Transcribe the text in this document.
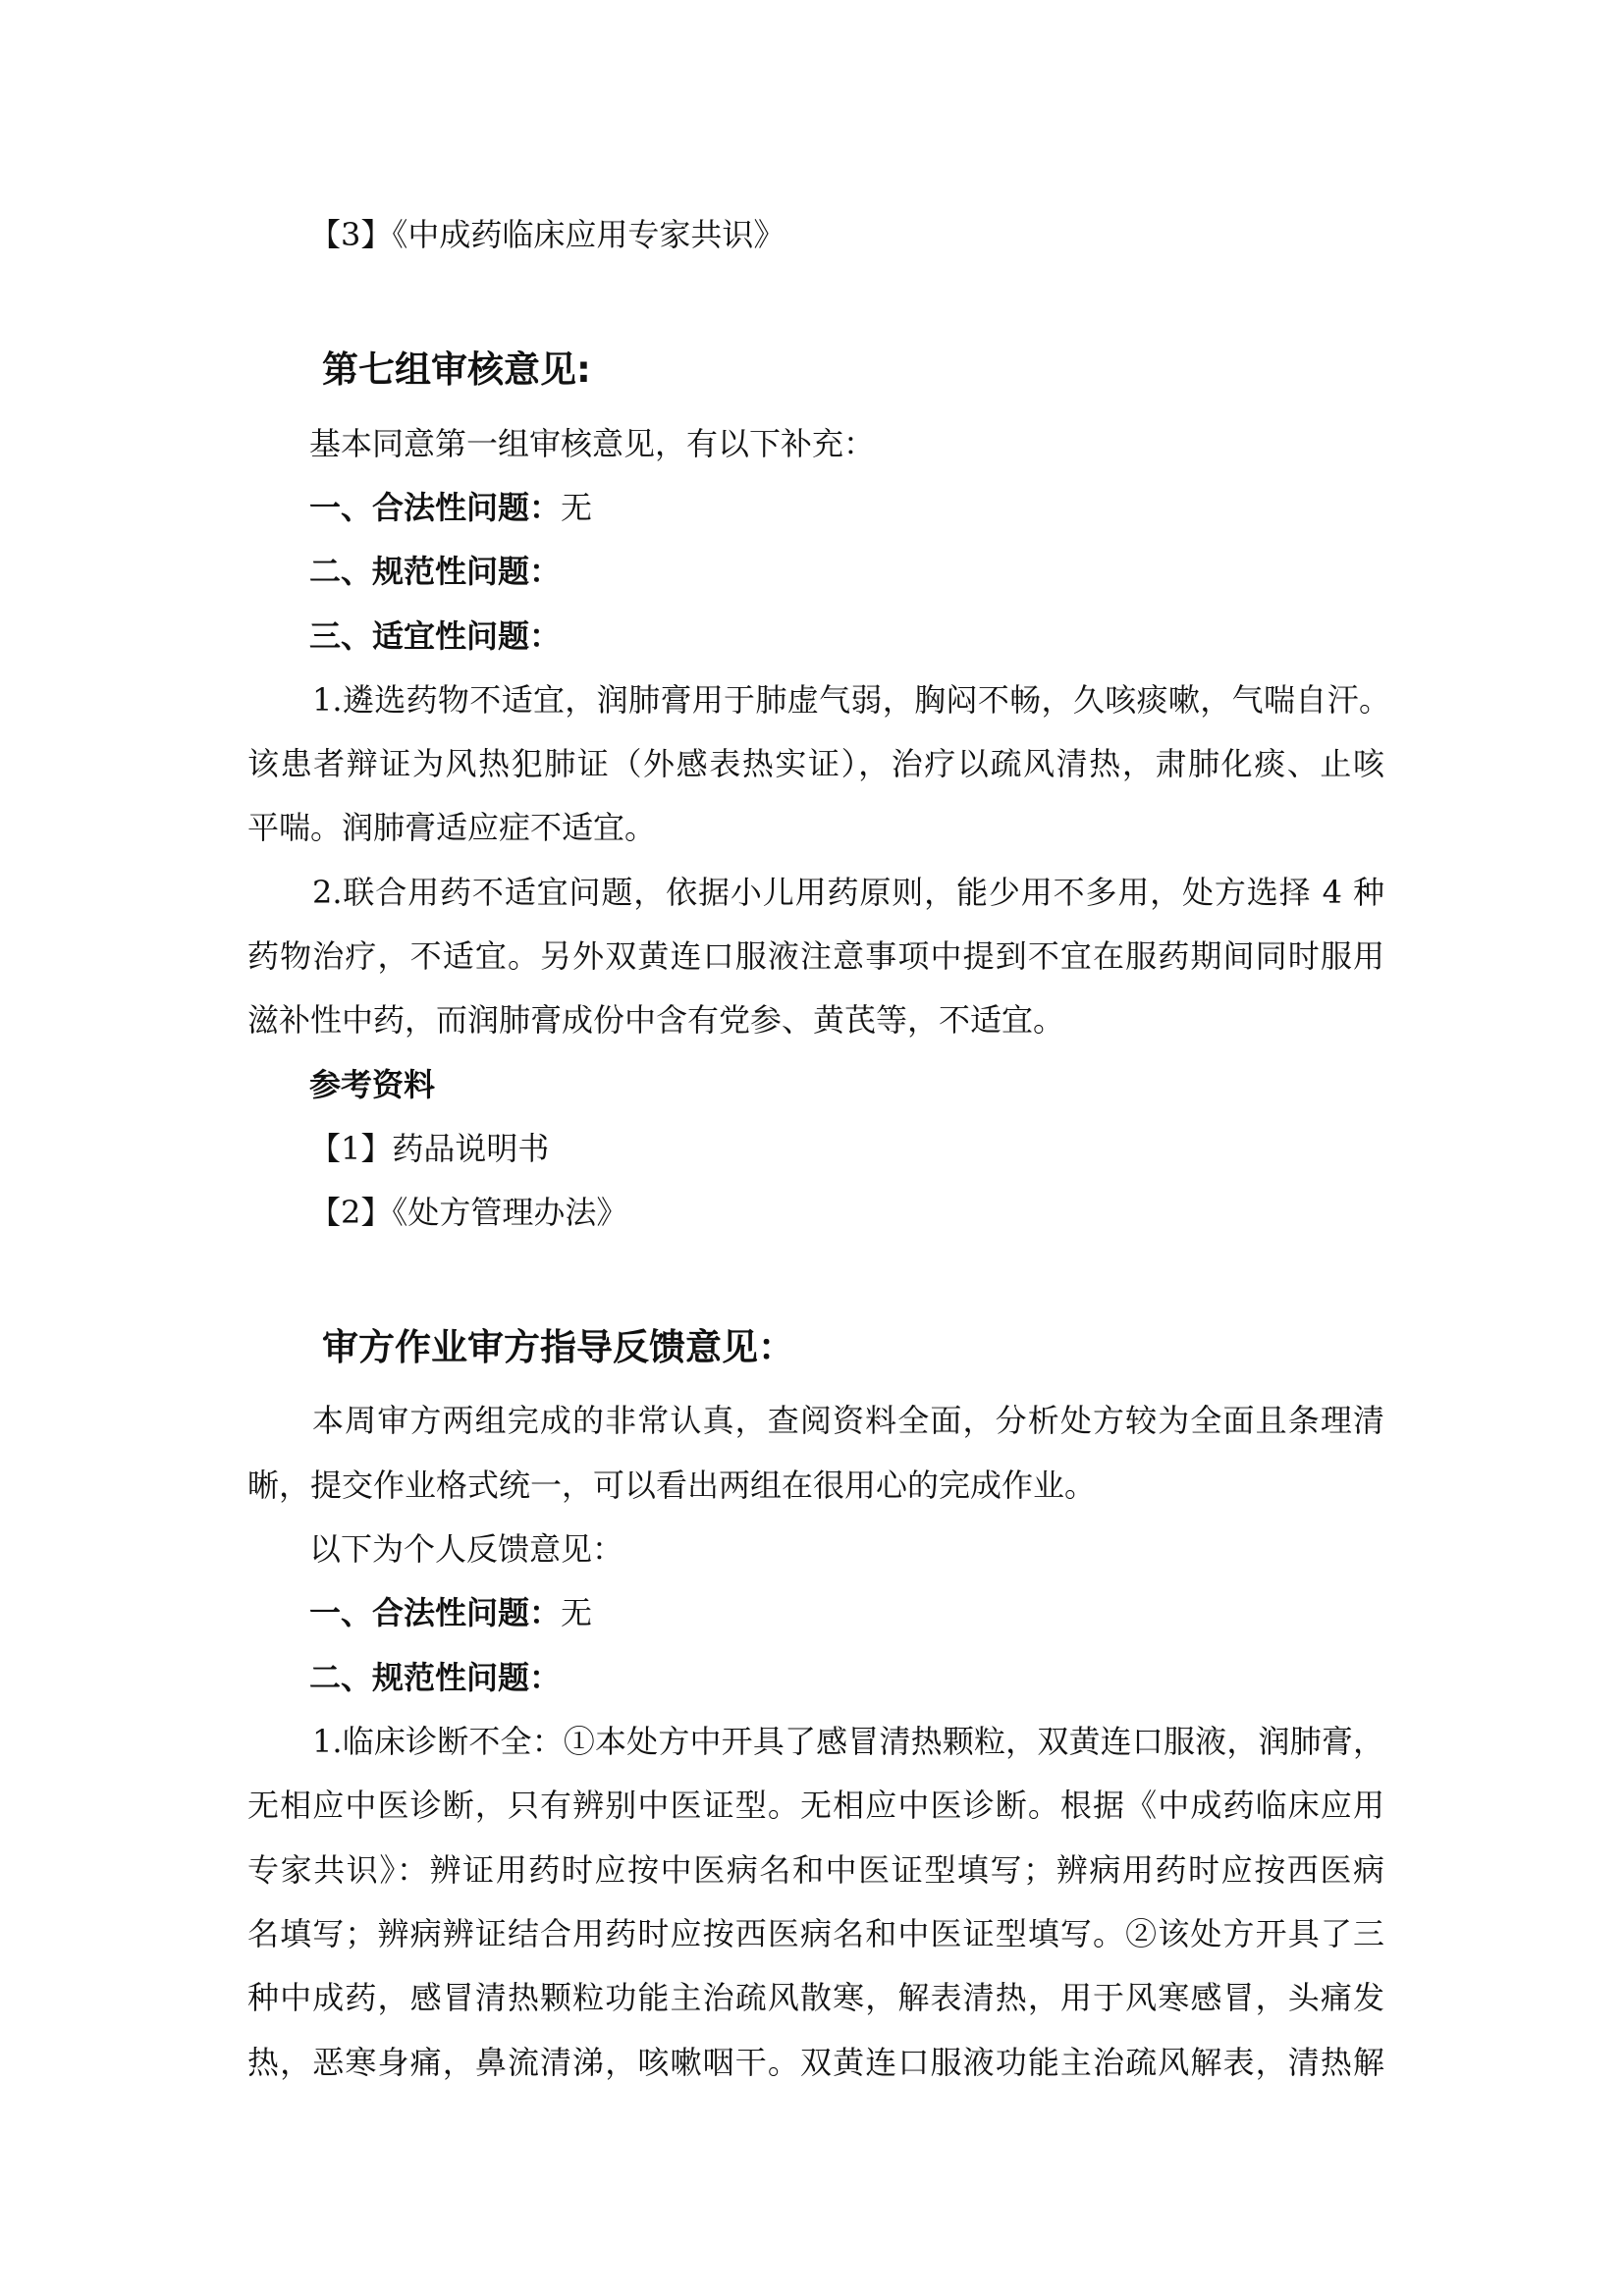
【3】《中成药临床应用专家共识》
第七组审核意见:
基本同意第一组审核意见，有以下补充：
一、合法性问题：无
二、规范性问题：
三、适宜性问题：
1.遴选药物不适宜，润肺膏用于肺虚气弱，胸闷不畅，久咳痰嗽，气喘自汗。
该患者辩证为风热犯肺证（外感表热实证），治疗以疏风清热，肃肺化痰、止咳
平喘。润肺膏适应症不适宜。
2.联合用药不适宜问题，依据小儿用药原则，能少用不多用，处方选择 4 种
药物治疗，不适宜。另外双黄连口服液注意事项中提到不宜在服药期间同时服用
滋补性中药，而润肺膏成份中含有党参、黄芪等，不适宜。
参考资料
【1】药品说明书
【2】《处方管理办法》
审方作业审方指导反馈意见：
本周审方两组完成的非常认真，查阅资料全面，分析处方较为全面且条理清
晰，提交作业格式统一，可以看出两组在很用心的完成作业。
以下为个人反馈意见：
一、合法性问题：无
二、规范性问题：
1.临床诊断不全：①本处方中开具了感冒清热颗粒，双黄连口服液，润肺膏，
无相应中医诊断，只有辨别中医证型。无相应中医诊断。根据《中成药临床应用
专家共识》：辨证用药时应按中医病名和中医证型填写；辨病用药时应按西医病
名填写；辨病辨证结合用药时应按西医病名和中医证型填写。②该处方开具了三
种中成药，感冒清热颗粒功能主治疏风散寒，解表清热，用于风寒感冒，头痛发
热，恶寒身痛，鼻流清涕，咳嗽咽干。双黄连口服液功能主治疏风解表，清热解
